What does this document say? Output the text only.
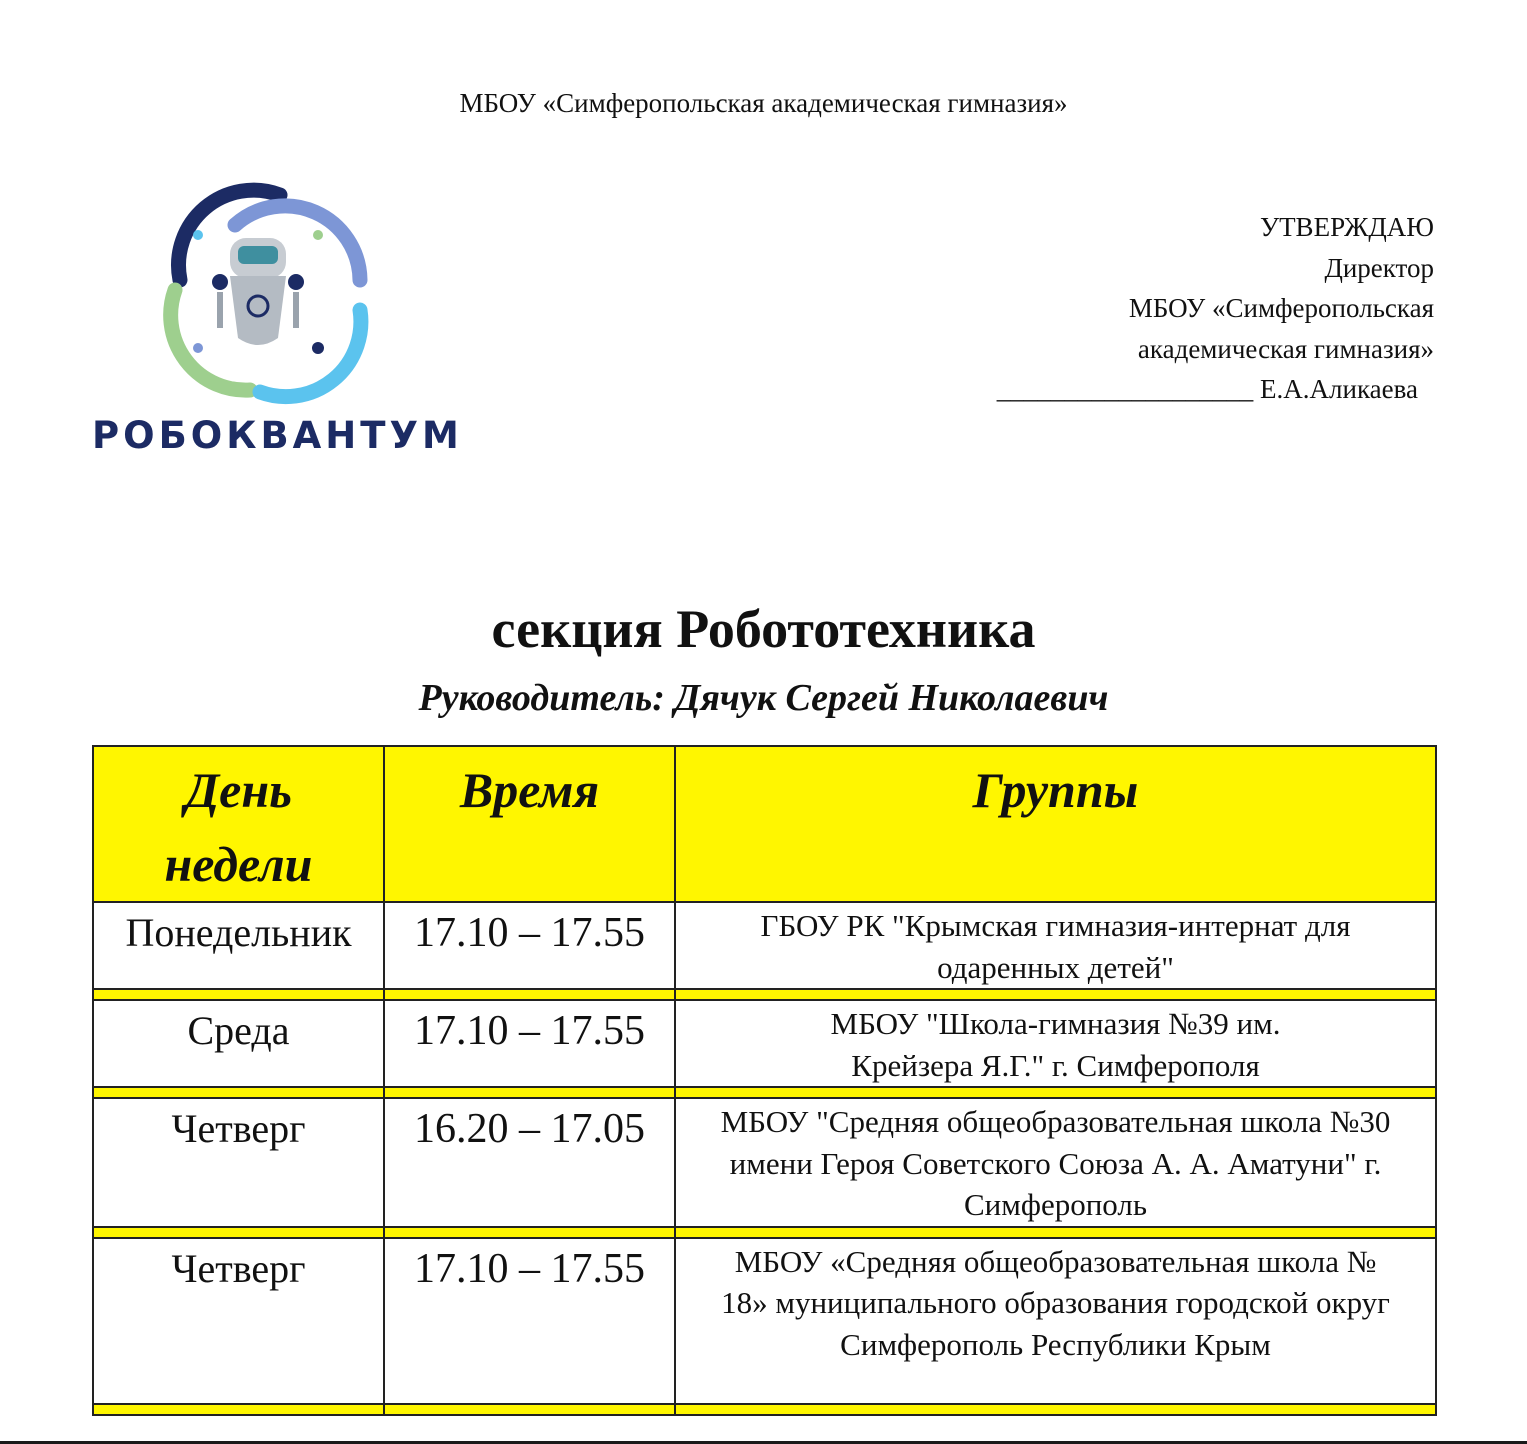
МБОУ «Симферопольская академическая гимназия»
РОБОКВАНТУМ
УТВЕРЖДАЮ
Директор
МБОУ «Симферопольская
академическая гимназия»
___________________ Е.А.Аликаева
секция Робототехника
Руководитель: Дячук Сергей Николаевич
День недели	Время	Группы
Понедельник	17.10 – 17.55	ГБОУ РК "Крымская гимназия-интернат для одаренных детей"

Среда	17.10 – 17.55	МБОУ "Школа-гимназия №39 им. Крейзера Я.Г." г. Симферополя

Четверг	16.20 – 17.05	МБОУ "Средняя общеобразовательная школа №30 имени Героя Советского Союза А. А. Аматуни" г. Симферополь

Четверг	17.10 – 17.55	МБОУ «Средняя общеобразовательная школа № 18» муниципального образования городской округ Симферополь Республики Крым
